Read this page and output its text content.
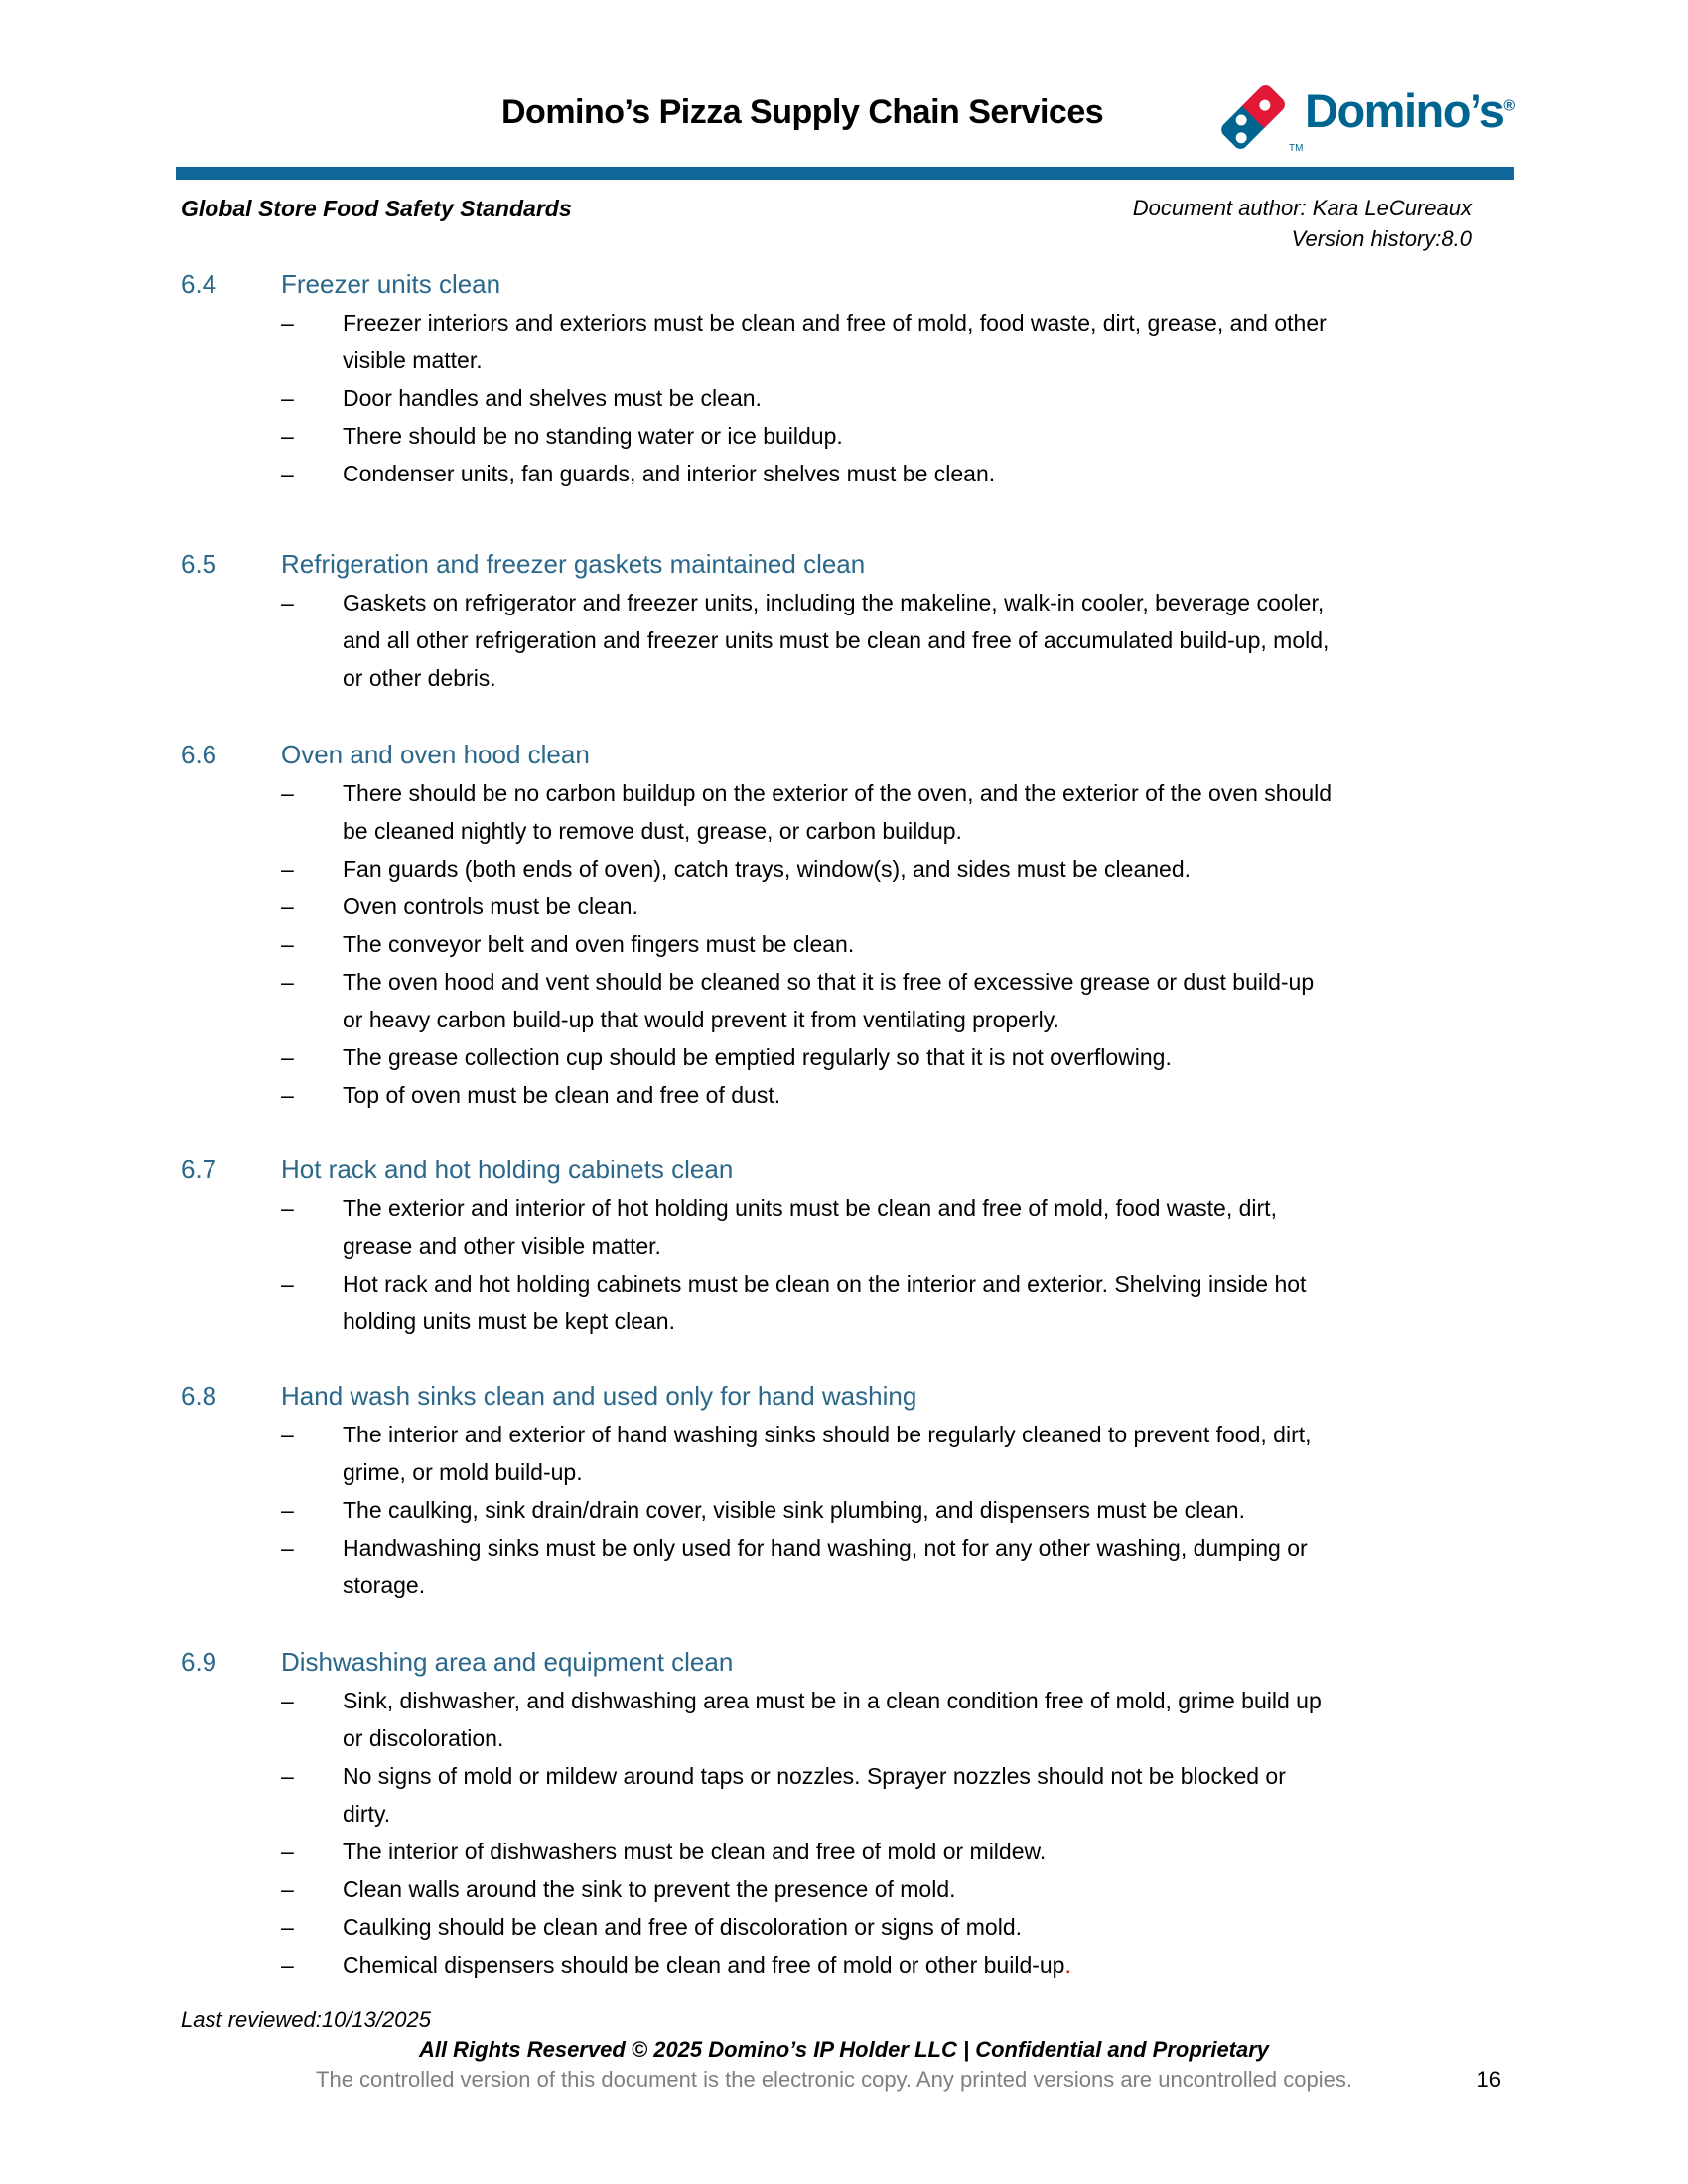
Domino’s Pizza Supply Chain Services
TM
Domino’s®
Global Store Food Safety Standards	Document author: Kara LeCureaux
Version history:8.0
6.4 Freezer units clean
–	Freezer interiors and exteriors must be clean and free of mold, food waste, dirt, grease, and other
visible matter.
–	Door handles and shelves must be clean.
–	There should be no standing water or ice buildup.
–	Condenser units, fan guards, and interior shelves must be clean.
6.5 Refrigeration and freezer gaskets maintained clean
–	Gaskets on refrigerator and freezer units, including the makeline, walk-in cooler, beverage cooler,
and all other refrigeration and freezer units must be clean and free of accumulated build-up, mold,
or other debris.
6.6 Oven and oven hood clean
–	There should be no carbon buildup on the exterior of the oven, and the exterior of the oven should
be cleaned nightly to remove dust, grease, or carbon buildup.
–	Fan guards (both ends of oven), catch trays, window(s), and sides must be cleaned.
–	Oven controls must be clean.
–	The conveyor belt and oven fingers must be clean.
–	The oven hood and vent should be cleaned so that it is free of excessive grease or dust build-up
or heavy carbon build-up that would prevent it from ventilating properly.
–	The grease collection cup should be emptied regularly so that it is not overflowing.
–	Top of oven must be clean and free of dust.
6.7 Hot rack and hot holding cabinets clean
–	The exterior and interior of hot holding units must be clean and free of mold, food waste, dirt,
grease and other visible matter.
–	Hot rack and hot holding cabinets must be clean on the interior and exterior. Shelving inside hot
holding units must be kept clean.
6.8 Hand wash sinks clean and used only for hand washing
–	The interior and exterior of hand washing sinks should be regularly cleaned to prevent food, dirt,
grime, or mold build-up.
–	The caulking, sink drain/drain cover, visible sink plumbing, and dispensers must be clean.
–	Handwashing sinks must be only used for hand washing, not for any other washing, dumping or
storage.
6.9 Dishwashing area and equipment clean
–	Sink, dishwasher, and dishwashing area must be in a clean condition free of mold, grime build up
or discoloration.
–	No signs of mold or mildew around taps or nozzles. Sprayer nozzles should not be blocked or
dirty.
–	The interior of dishwashers must be clean and free of mold or mildew.
–	Clean walls around the sink to prevent the presence of mold.
–	Caulking should be clean and free of discoloration or signs of mold.
–	Chemical dispensers should be clean and free of mold or other build-up.
Last reviewed:10/13/2025
All Rights Reserved © 2025 Domino’s IP Holder LLC | Confidential and Proprietary
The controlled version of this document is the electronic copy. Any printed versions are uncontrolled copies.	16
